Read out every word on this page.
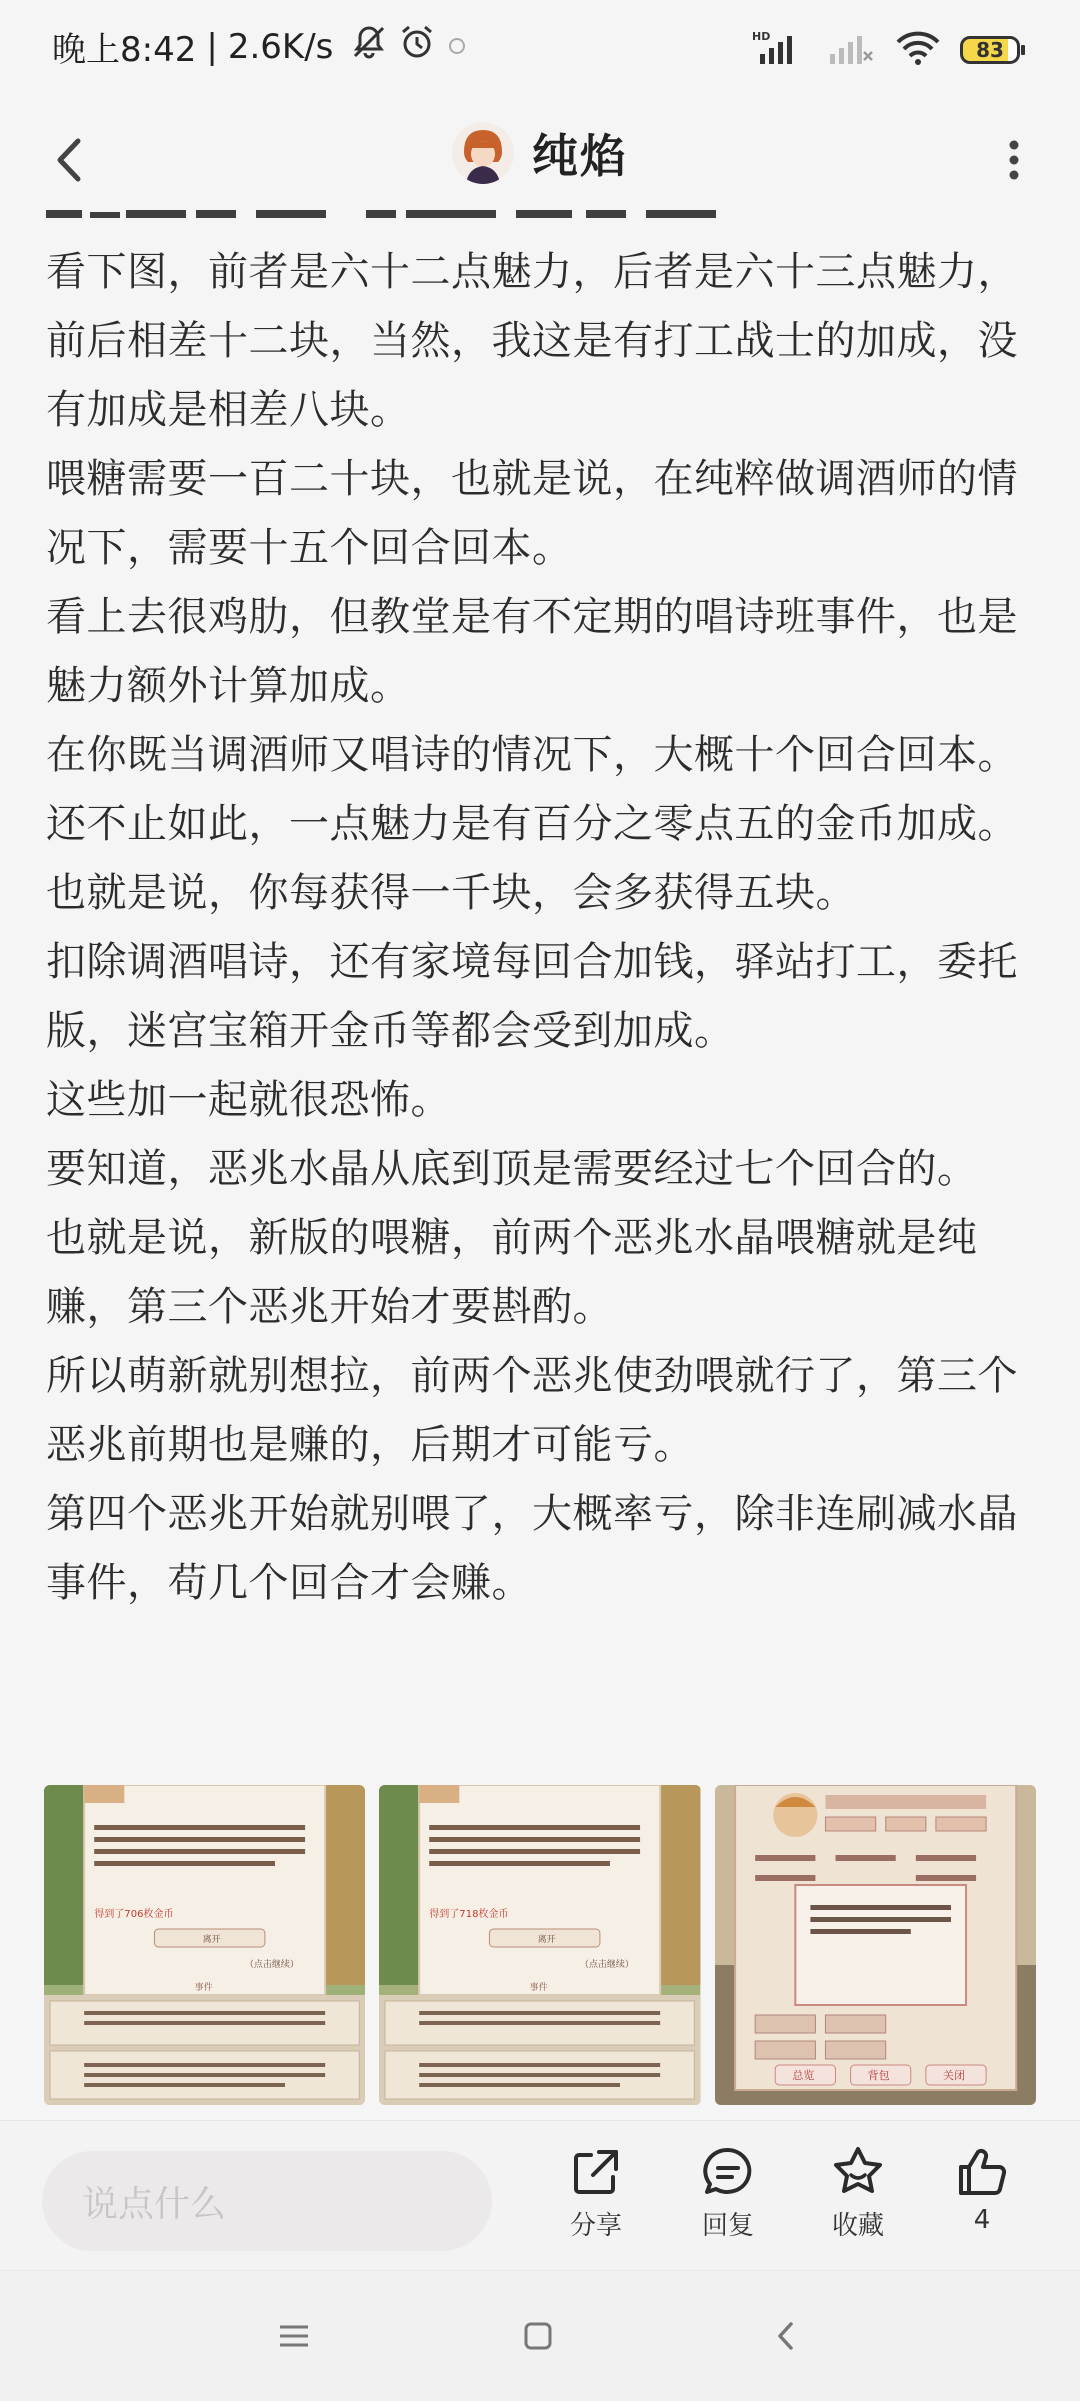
晚上8:42 | 2.6K/s	HD
83
纯焰

看下图，前者是六十二点魅力，后者是六十三点魅力，前后相差十二块，当然，我这是有打工战士的加成，没有加成是相差八块。

喂糖需要一百二十块，也就是说，在纯粹做调酒师的情况下，需要十五个回合回本。

看上去很鸡肋，但教堂是有不定期的唱诗班事件，也是魅力额外计算加成。

在你既当调酒师又唱诗的情况下，大概十个回合回本。

还不止如此，一点魅力是有百分之零点五的金币加成。

也就是说，你每获得一千块，会多获得五块。

扣除调酒唱诗，还有家境每回合加钱，驿站打工，委托版，迷宫宝箱开金币等都会受到加成。

这些加一起就很恐怖。

要知道，恶兆水晶从底到顶是需要经过七个回合的。

也就是说，新版的喂糖，前两个恶兆水晶喂糖就是纯赚，第三个恶兆开始才要斟酌。

所以萌新就别想拉，前两个恶兆使劲喂就行了，第三个恶兆前期也是赚的，后期才可能亏。

第四个恶兆开始就别喂了，大概率亏，除非连刷减水晶事件，苟几个回合才会赚。

得到了706枚金币
离开
（点击继续）
事件
得到了718枚金币
离开
（点击继续）
事件
总览	背包	关闭
说点什么
分享	回复	收藏	4
